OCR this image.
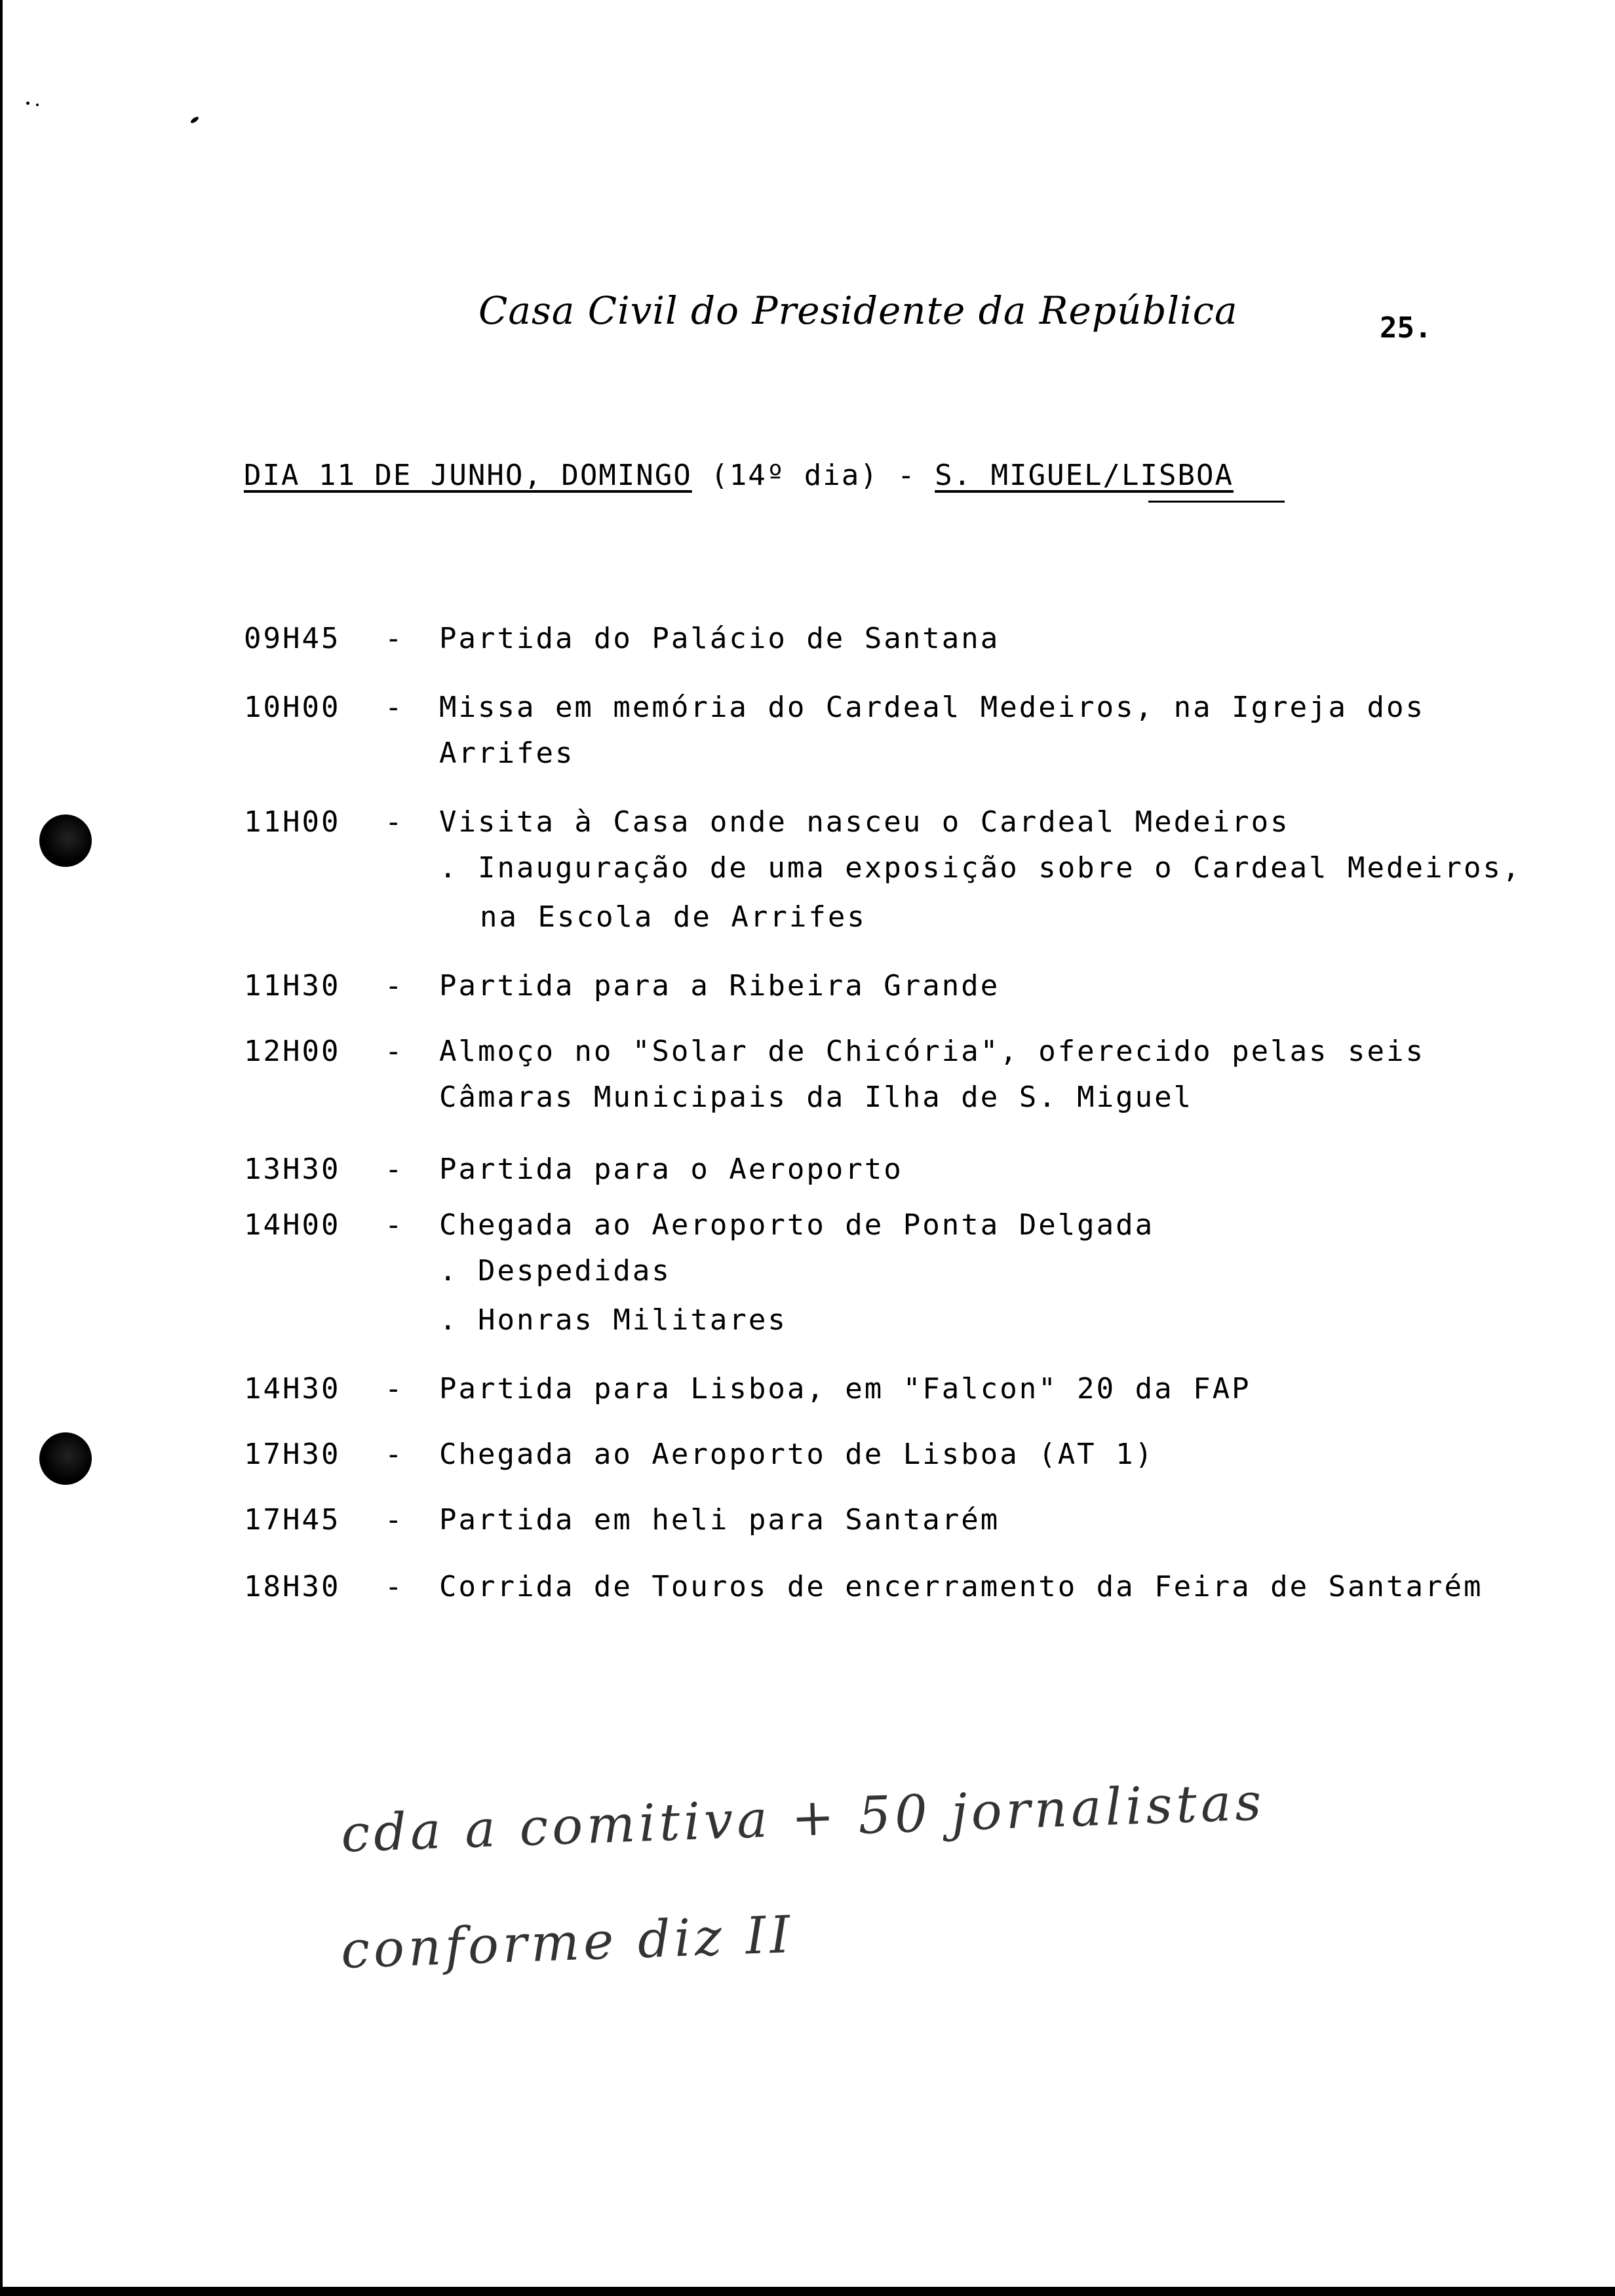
Casa Civil do Presidente da República	25.
DIA 11 DE JUNHO, DOMINGO (14º dia) - S. MIGUEL/LISBOA
09H45 - Partida do Palácio de Santana
10H00 - Missa em memória do Cardeal Medeiros, na Igreja dos
Arrifes
11H00 - Visita à Casa onde nasceu o Cardeal Medeiros
. Inauguração de uma exposição sobre o Cardeal Medeiros,
na Escola de Arrifes
11H30 - Partida para a Ribeira Grande
12H00 - Almoço no "Solar de Chicória", oferecido pelas seis
Câmaras Municipais da Ilha de S. Miguel
13H30 - Partida para o Aeroporto
14H00 - Chegada ao Aeroporto de Ponta Delgada
. Despedidas
. Honras Militares
14H30 - Partida para Lisboa, em "Falcon" 20 da FAP
17H30 - Chegada ao Aeroporto de Lisboa (AT 1)
17H45 - Partida em heli para Santarém
18H30 - Corrida de Touros de encerramento da Feira de Santarém
cda a comitiva + 50 jornalistas
conforme diz II
